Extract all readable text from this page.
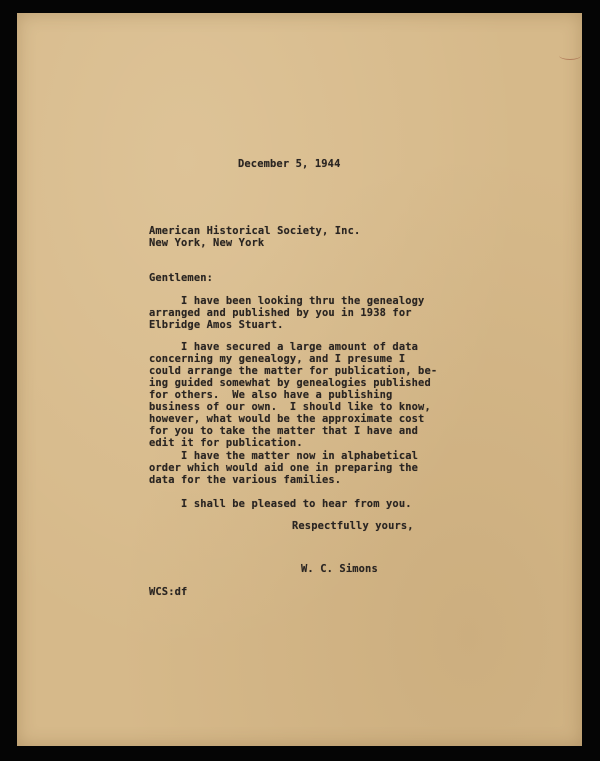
December 5, 1944
American Historical Society, Inc.
New York, New York
Gentlemen:
I have been looking thru the genealogy
arranged and published by you in 1938 for
Elbridge Amos Stuart.
I have secured a large amount of data
concerning my genealogy, and I presume I
could arrange the matter for publication, be-
ing guided somewhat by genealogies published
for others.  We also have a publishing
business of our own.  I should like to know,
however, what would be the approximate cost
for you to take the matter that I have and
edit it for publication.
I have the matter now in alphabetical
order which would aid one in preparing the
data for the various families.
I shall be pleased to hear from you.
Respectfully yours,
W. C. Simons
WCS:df
